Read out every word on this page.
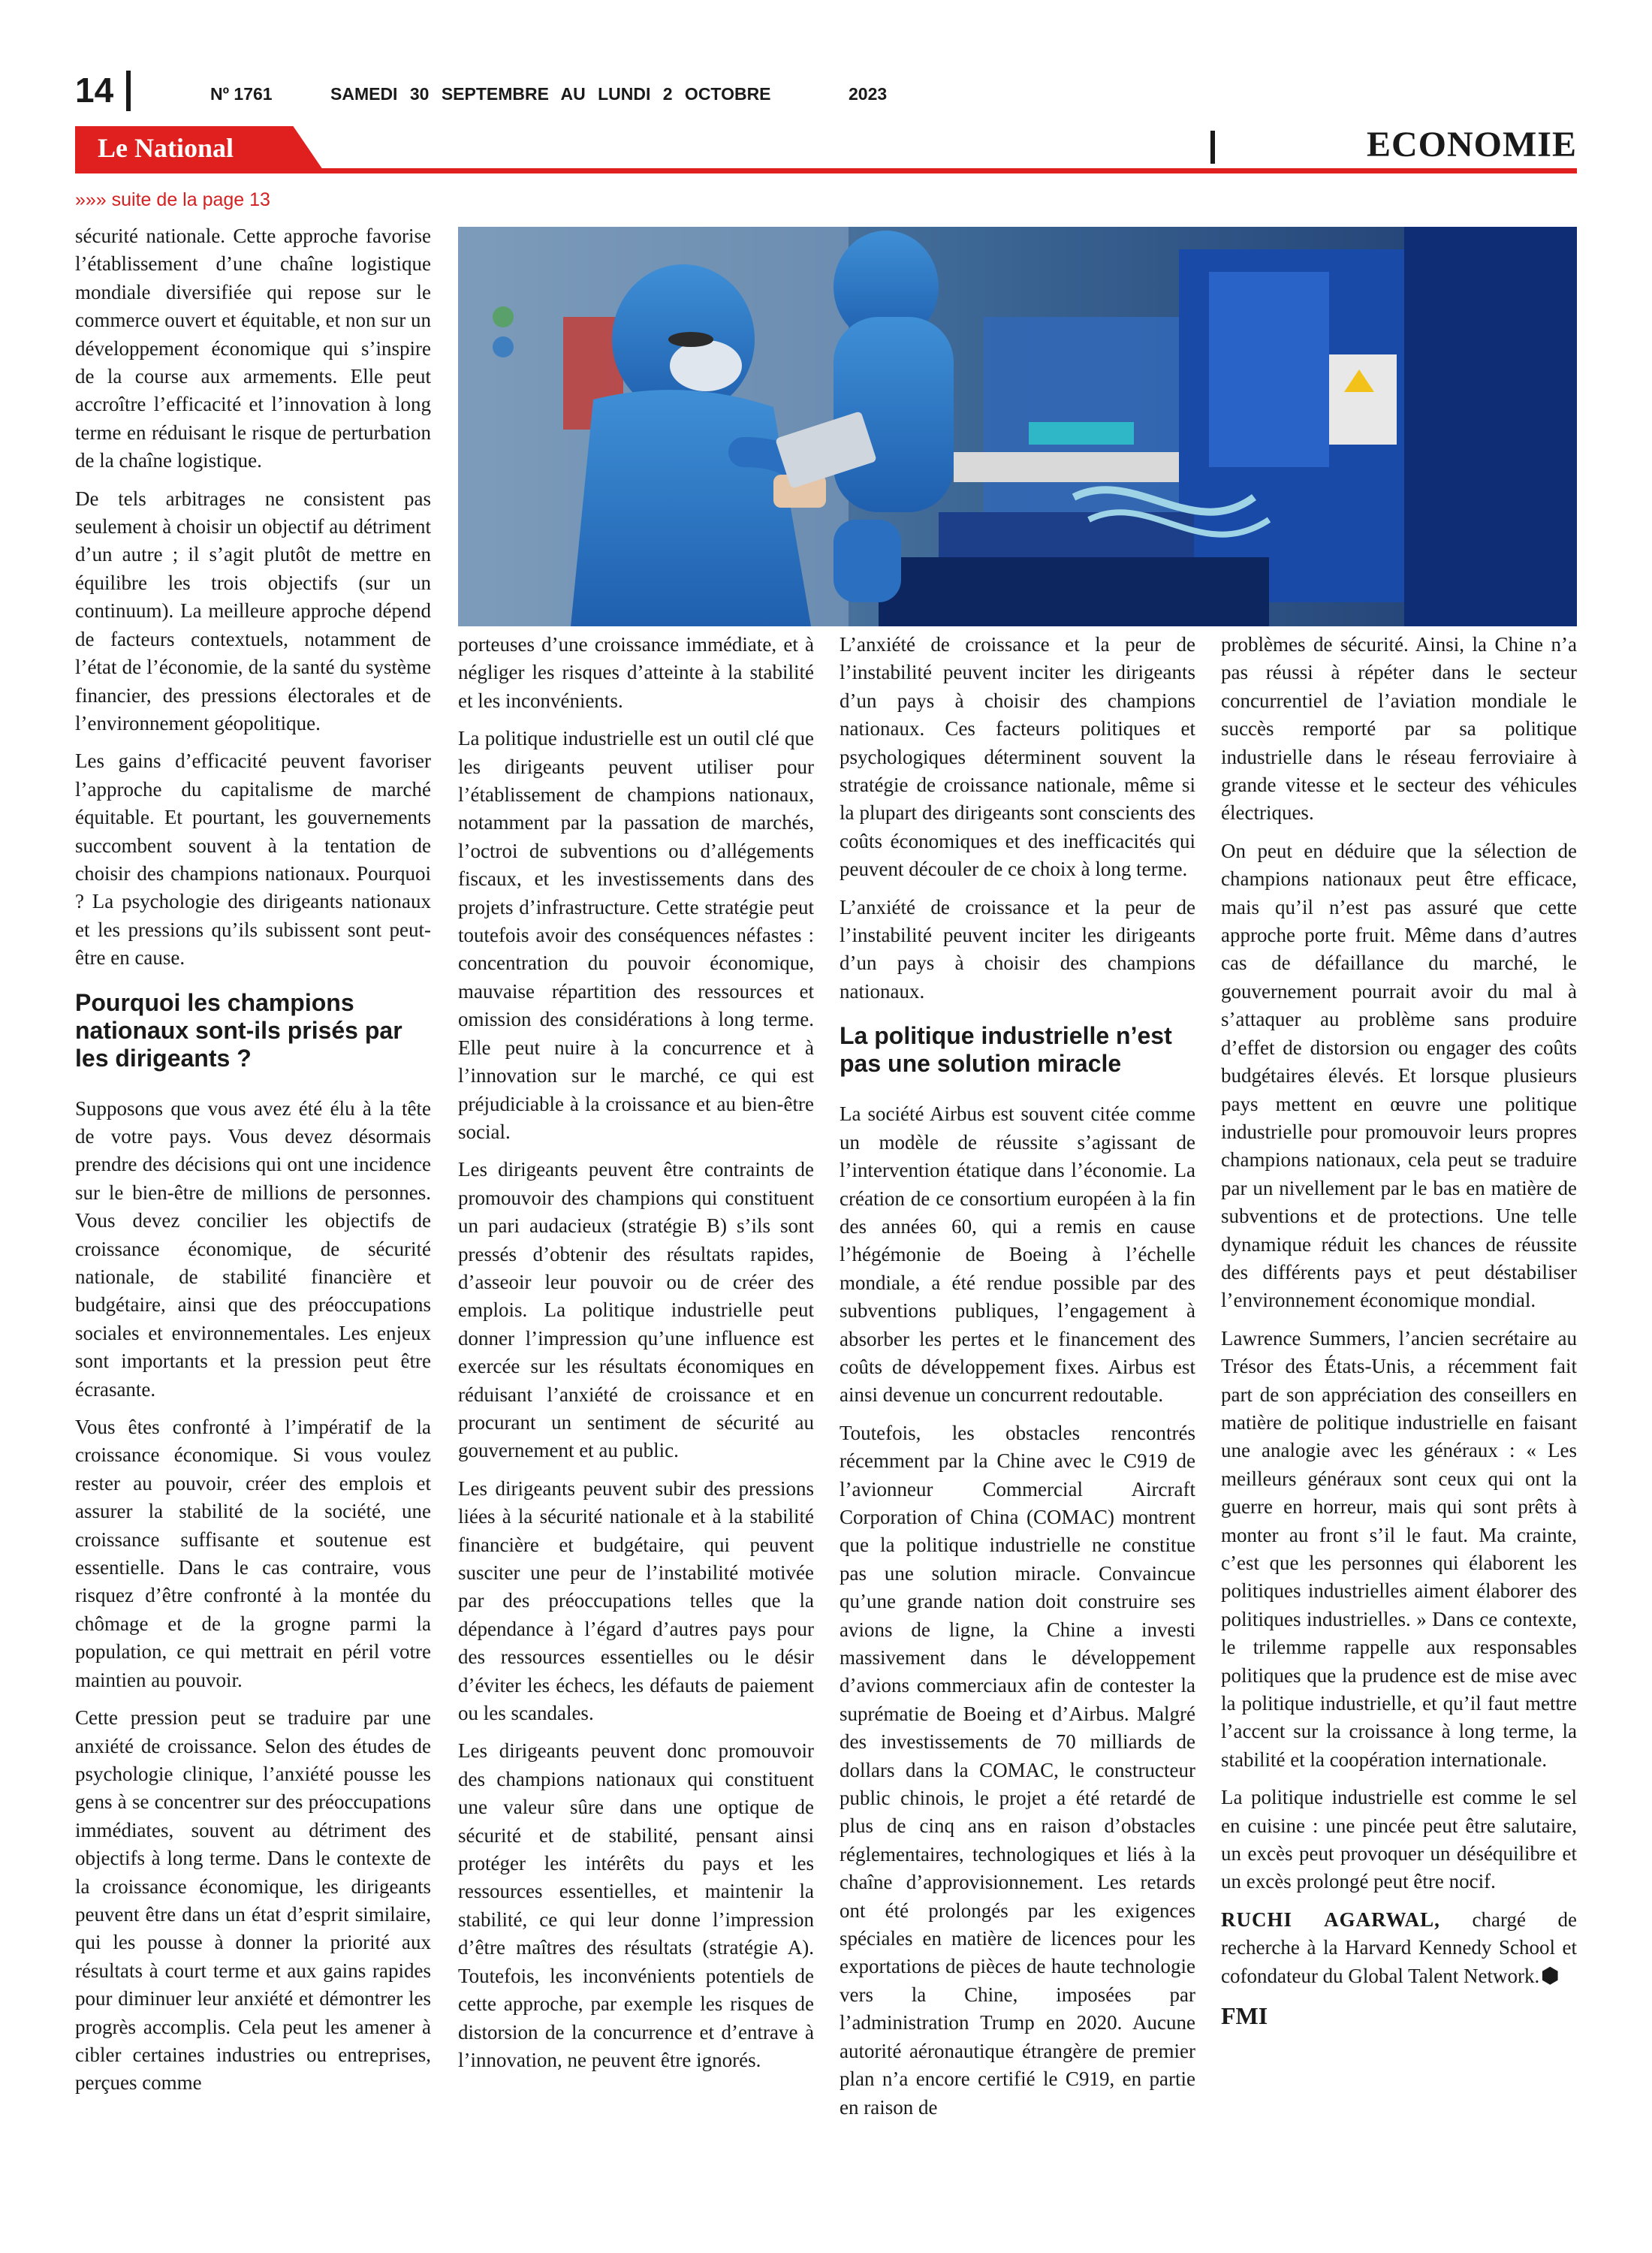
14	Nº 1761	SAMEDI 30 SEPTEMBRE AU LUNDI 2 OCTOBRE	2023
Le National	ECONOMIE
»»» suite de la page 13

sécurité nationale. Cette approche favorise l’établissement d’une chaîne logistique mondiale diversifiée qui repose sur le commerce ouvert et équitable, et non sur un développement économique qui s’inspire de la course aux armements. Elle peut accroître l’efficacité et l’innovation à long terme en réduisant le risque de perturbation de la chaîne logistique.

De tels arbitrages ne consistent pas seulement à choisir un objectif au détriment d’un autre ; il s’agit plutôt de mettre en équilibre les trois objectifs (sur un continuum). La meilleure approche dépend de facteurs contextuels, notamment de l’état de l’économie, de la santé du système financier, des pressions électorales et de l’environnement géopolitique.

Les gains d’efficacité peuvent favoriser l’approche du capitalisme de marché équitable. Et pourtant, les gouvernements succombent souvent à la tentation de choisir des champions nationaux. Pourquoi ? La psychologie des dirigeants nationaux et les pressions qu’ils subissent sont peut-être en cause.

Pourquoi les champions nationaux sont-ils prisés par les dirigeants ?

Supposons que vous avez été élu à la tête de votre pays. Vous devez désormais prendre des décisions qui ont une incidence sur le bien-être de millions de personnes. Vous devez concilier les objectifs de croissance économique, de sécurité nationale, de stabilité financière et budgétaire, ainsi que des préoccupations sociales et environnementales. Les enjeux sont importants et la pression peut être écrasante.

Vous êtes confronté à l’impératif de la croissance économique. Si vous voulez rester au pouvoir, créer des emplois et assurer la stabilité de la société, une croissance suffisante et soutenue est essentielle. Dans le cas contraire, vous risquez d’être confronté à la montée du chômage et de la grogne parmi la population, ce qui mettrait en péril votre maintien au pouvoir.

Cette pression peut se traduire par une anxiété de croissance. Selon des études de psychologie clinique, l’anxiété pousse les gens à se concentrer sur des préoccupations immédiates, souvent au détriment des objectifs à long terme. Dans le contexte de la croissance économique, les dirigeants peuvent être dans un état d’esprit similaire, qui les pousse à donner la priorité aux résultats à court terme et aux gains rapides pour diminuer leur anxiété et démontrer les progrès accomplis. Cela peut les amener à cibler certaines industries ou entreprises, perçues comme

porteuses d’une croissance immédiate, et à négliger les risques d’atteinte à la stabilité et les inconvénients.

La politique industrielle est un outil clé que les dirigeants peuvent utiliser pour l’établissement de champions nationaux, notamment par la passation de marchés, l’octroi de subventions ou d’allégements fiscaux, et les investissements dans des projets d’infrastructure. Cette stratégie peut toutefois avoir des conséquences néfastes : concentration du pouvoir économique, mauvaise répartition des ressources et omission des considérations à long terme. Elle peut nuire à la concurrence et à l’innovation sur le marché, ce qui est préjudiciable à la croissance et au bien-être social.

Les dirigeants peuvent être contraints de promouvoir des champions qui constituent un pari audacieux (stratégie B) s’ils sont pressés d’obtenir des résultats rapides, d’asseoir leur pouvoir ou de créer des emplois. La politique industrielle peut donner l’impression qu’une influence est exercée sur les résultats économiques en réduisant l’anxiété de croissance et en procurant un sentiment de sécurité au gouvernement et au public.

Les dirigeants peuvent subir des pressions liées à la sécurité nationale et à la stabilité financière et budgétaire, qui peuvent susciter une peur de l’instabilité motivée par des préoccupations telles que la dépendance à l’égard d’autres pays pour des ressources essentielles ou le désir d’éviter les échecs, les défauts de paiement ou les scandales.

Les dirigeants peuvent donc promouvoir des champions nationaux qui constituent une valeur sûre dans une optique de sécurité et de stabilité, pensant ainsi protéger les intérêts du pays et les ressources essentielles, et maintenir la stabilité, ce qui leur donne l’impression d’être maîtres des résultats (stratégie A). Toutefois, les inconvénients potentiels de cette approche, par exemple les risques de distorsion de la concurrence et d’entrave à l’innovation, ne peuvent être ignorés.

L’anxiété de croissance et la peur de l’instabilité peuvent inciter les dirigeants d’un pays à choisir des champions nationaux. Ces facteurs politiques et psychologiques déterminent souvent la stratégie de croissance nationale, même si la plupart des dirigeants sont conscients des coûts économiques et des inefficacités qui peuvent découler de ce choix à long terme.

L’anxiété de croissance et la peur de l’instabilité peuvent inciter les dirigeants d’un pays à choisir des champions nationaux.

La politique industrielle n’est pas une solution miracle

La société Airbus est souvent citée comme un modèle de réussite s’agissant de l’intervention étatique dans l’économie. La création de ce consortium européen à la fin des années 60, qui a remis en cause l’hégémonie de Boeing à l’échelle mondiale, a été rendue possible par des subventions publiques, l’engagement à absorber les pertes et le financement des coûts de développement fixes. Airbus est ainsi devenue un concurrent redoutable.

Toutefois, les obstacles rencontrés récemment par la Chine avec le C919 de l’avionneur Commercial Aircraft Corporation of China (COMAC) montrent que la politique industrielle ne constitue pas une solution miracle. Convaincue qu’une grande nation doit construire ses avions de ligne, la Chine a investi massivement dans le développement d’avions commerciaux afin de contester la suprématie de Boeing et d’Airbus. Malgré des investissements de 70 milliards de dollars dans la COMAC, le constructeur public chinois, le projet a été retardé de plus de cinq ans en raison d’obstacles réglementaires, technologiques et liés à la chaîne d’approvisionnement. Les retards ont été prolongés par les exigences spéciales en matière de licences pour les exportations de pièces de haute technologie vers la Chine, imposées par l’administration Trump en 2020. Aucune autorité aéronautique étrangère de premier plan n’a encore certifié le C919, en partie en raison de

problèmes de sécurité. Ainsi, la Chine n’a pas réussi à répéter dans le secteur concurrentiel de l’aviation mondiale le succès remporté par sa politique industrielle dans le réseau ferroviaire à grande vitesse et le secteur des véhicules électriques.

On peut en déduire que la sélection de champions nationaux peut être efficace, mais qu’il n’est pas assuré que cette approche porte fruit. Même dans d’autres cas de défaillance du marché, le gouvernement pourrait avoir du mal à s’attaquer au problème sans produire d’effet de distorsion ou engager des coûts budgétaires élevés. Et lorsque plusieurs pays mettent en œuvre une politique industrielle pour promouvoir leurs propres champions nationaux, cela peut se traduire par un nivellement par le bas en matière de subventions et de protections. Une telle dynamique réduit les chances de réussite des différents pays et peut déstabiliser l’environnement économique mondial.

Lawrence Summers, l’ancien secrétaire au Trésor des États-Unis, a récemment fait part de son appréciation des conseillers en matière de politique industrielle en faisant une analogie avec les généraux : « Les meilleurs généraux sont ceux qui ont la guerre en horreur, mais qui sont prêts à monter au front s’il le faut. Ma crainte, c’est que les personnes qui élaborent les politiques industrielles aiment élaborer des politiques industrielles. » Dans ce contexte, le trilemme rappelle aux responsables politiques que la prudence est de mise avec la politique industrielle, et qu’il faut mettre l’accent sur la croissance à long terme, la stabilité et la coopération internationale.

La politique industrielle est comme le sel en cuisine : une pincée peut être salutaire, un excès peut provoquer un déséquilibre et un excès prolongé peut être nocif.

RUCHI AGARWAL, chargé de recherche à la Harvard Kennedy School et cofondateur du Global Talent Network.

FMI
